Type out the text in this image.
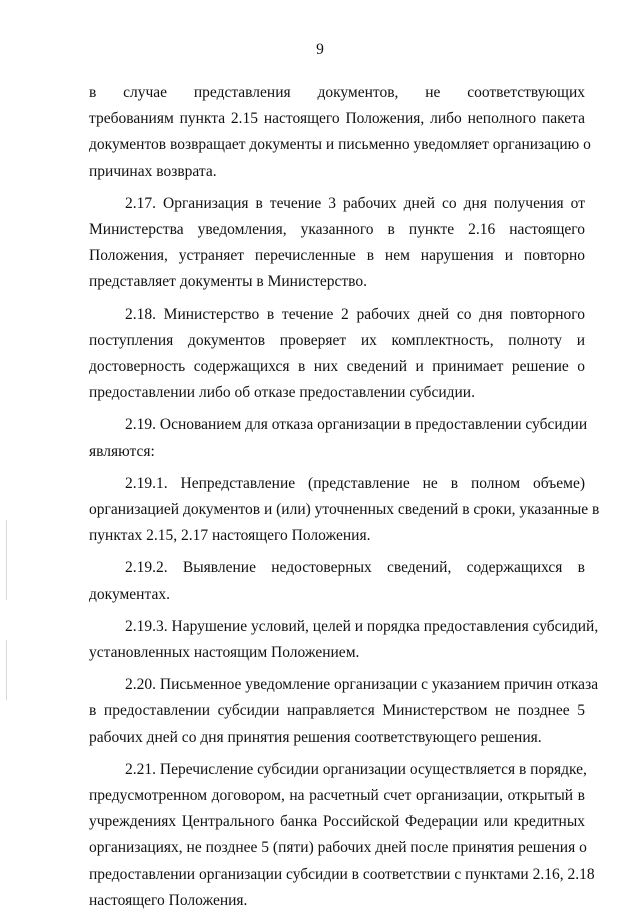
9

в случае представления документов, не соответствующих
требованиям пункта 2.15 настоящего Положения, либо неполного пакета
документов возвращает документы и письменно уведомляет организацию о
причинах возврата.

2.17. Организация в течение 3 рабочих дней со дня получения от
Министерства уведомления, указанного в пункте 2.16 настоящего
Положения, устраняет перечисленные в нем нарушения и повторно
представляет документы в Министерство.

2.18. Министерство в течение 2 рабочих дней со дня повторного
поступления документов проверяет их комплектность, полноту и
достоверность содержащихся в них сведений и принимает решение о
предоставлении либо об отказе предоставлении субсидии.

2.19. Основанием для отказа организации в предоставлении субсидии
являются:

2.19.1. Непредставление (представление не в полном объеме)
организацией документов и (или) уточненных сведений в сроки, указанные в
пунктах 2.15, 2.17 настоящего Положения.

2.19.2. Выявление недостоверных сведений, содержащихся в
документах.

2.19.3. Нарушение условий, целей и порядка предоставления субсидий,
установленных настоящим Положением.

2.20. Письменное уведомление организации с указанием причин отказа
в предоставлении субсидии направляется Министерством не позднее 5
рабочих дней со дня принятия решения соответствующего решения.

2.21. Перечисление субсидии организации осуществляется в порядке,
предусмотренном договором, на расчетный счет организации, открытый в
учреждениях Центрального банка Российской Федерации или кредитных
организациях, не позднее 5 (пяти) рабочих дней после принятия решения о
предоставлении организации субсидии в соответствии с пунктами 2.16, 2.18
настоящего Положения.
